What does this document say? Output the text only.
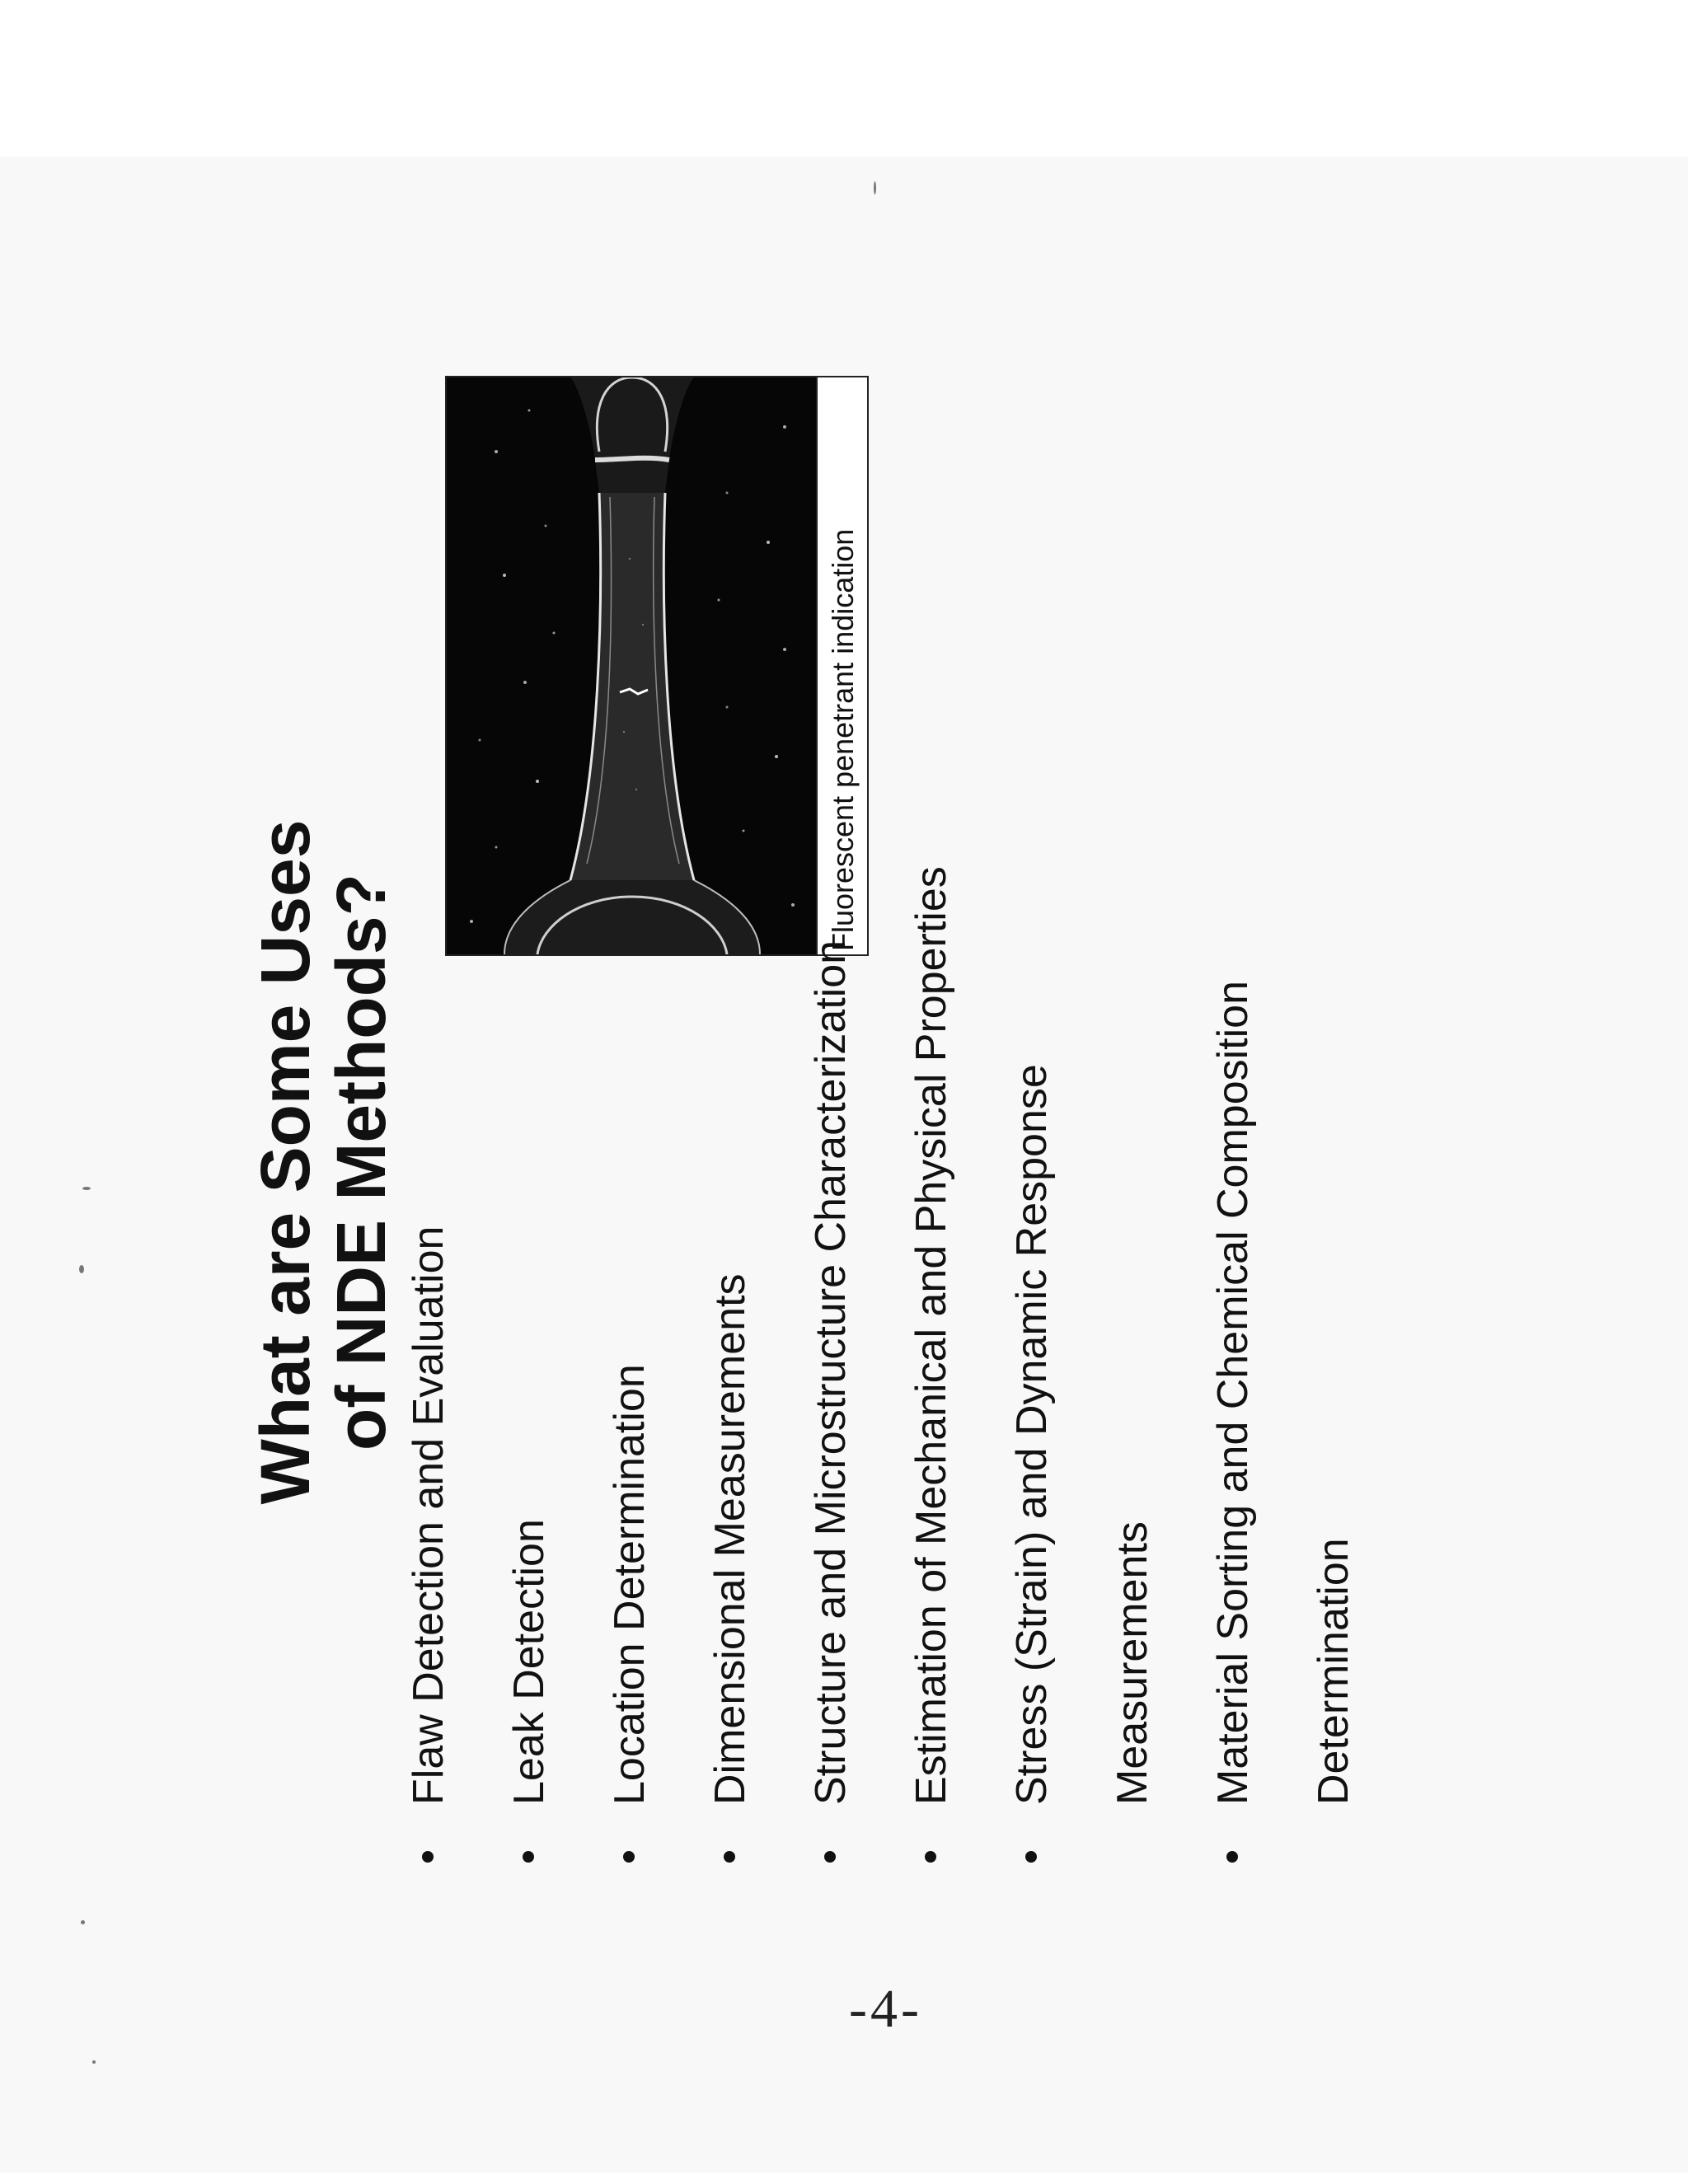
What are Some Uses
of NDE Methods?
Fluorescent penetrant indication
Flaw Detection and Evaluation Leak Detection Location Determination Dimensional Measurements Structure and Microstructure Characterization Estimation of Mechanical and Physical Properties Stress (Strain) and Dynamic Response Measurements Material Sorting and Chemical Composition Determination
-4-
